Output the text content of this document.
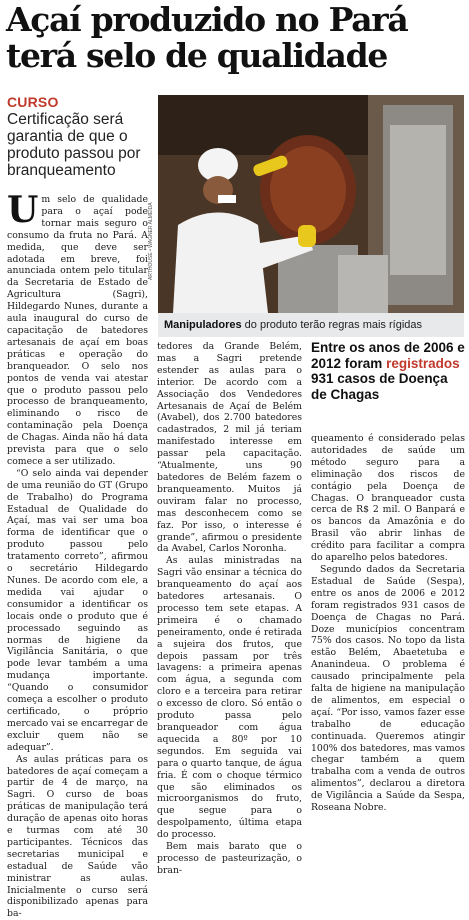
Açaí produzido no Pará terá selo de qualidade
CURSO
Certificação será garantia de que o produto passou por branqueamento
ARTHOUSE • WAGNER ALMEIDA
Manipuladores do produto terão regras mais rígidas

Um selo de qualidade para o açaí pode tornar mais seguro o consumo da fruta no Pará. A medida, que deve ser adotada em breve, foi anunciada ontem pelo titular da Secretaria de Estado de Agricultura (Sagri), Hildegardo Nunes, durante a aula inaugural do curso de capacitação de batedores artesanais de açaí em boas práticas e operação do branqueador. O selo nos pontos de venda vai atestar que o produto passou pelo processo de branqueamento, eliminando o risco de contaminação pela Doença de Chagas. Ainda não há data prevista para que o selo comece a ser utilizado.

“O selo ainda vai depender de uma reunião do GT (Grupo de Trabalho) do Programa Estadual de Qualidade do Açaí, mas vai ser uma boa forma de identificar que o produto passou pelo tratamento correto”, afirmou o secretário Hildegardo Nunes. De acordo com ele, a medida vai ajudar o consumidor a identificar os locais onde o produto que é processado seguindo as normas de higiene da Vigilância Sanitária, o que pode levar também a uma mudança importante. “Quando o consumidor começa a escolher o produto certificado, o próprio mercado vai se encarregar de excluir quem não se adequar”.

As aulas práticas para os batedores de açaí começam a partir de 4 de março, na Sagri. O curso de boas práticas de manipulação terá duração de apenas oito horas e turmas com até 30 participantes. Técnicos das secretarias municipal e estadual de Saúde vão ministrar as aulas. Inicialmente o curso será disponibilizado apenas para ba-

tedores da Grande Belém, mas a Sagri pretende estender as aulas para o interior. De acordo com a Associação dos Vendedores Artesanais de Açaí de Belém (Avabel), dos 2.700 batedores cadastrados, 2 mil já teriam manifestado interesse em passar pela capacitação. “Atualmente, uns 90 batedores de Belém fazem o branqueamento. Muitos já ouviram falar no processo, mas desconhecem como se faz. Por isso, o interesse é grande”, afirmou o presidente da Avabel, Carlos Noronha.

As aulas ministradas na Sagri vão ensinar a técnica do branqueamento do açaí aos batedores artesanais. O processo tem sete etapas. A primeira é o chamado peneiramento, onde é retirada a sujeira dos frutos, que depois passam por três lavagens: a primeira apenas com água, a segunda com cloro e a terceira para retirar o excesso de cloro. Só então o produto passa pelo branqueador com água aquecida a 80º por 10 segundos. Em seguida vai para o quarto tanque, de água fria. É com o choque térmico que são eliminados os microorganismos do fruto, que segue para o despolpamento, última etapa do processo.

Bem mais barato que o processo de pasteurização, o bran-

Entre os anos de 2006 e 2012 foram registrados 931 casos de Doença de Chagas

queamento é considerado pelas autoridades de saúde um método seguro para a eliminação dos riscos de contágio pela Doença de Chagas. O branqueador custa cerca de R$ 2 mil. O Banpará e os bancos da Amazônia e do Brasil vão abrir linhas de crédito para facilitar a compra do aparelho pelos batedores.

Segundo dados da Secretaria Estadual de Saúde (Sespa), entre os anos de 2006 e 2012 foram registrados 931 casos de Doença de Chagas no Pará. Doze municípios concentram 75% dos casos. No topo da lista estão Belém, Abaetetuba e Ananindeua. O problema é causado principalmente pela falta de higiene na manipulação de alimentos, em especial o açaí. “Por isso, vamos fazer esse trabalho de educação continuada. Queremos atingir 100% dos batedores, mas vamos chegar também a quem trabalha com a venda de outros alimentos”, declarou a diretora de Vigilância a Saúde da Sespa, Roseana Nobre.
